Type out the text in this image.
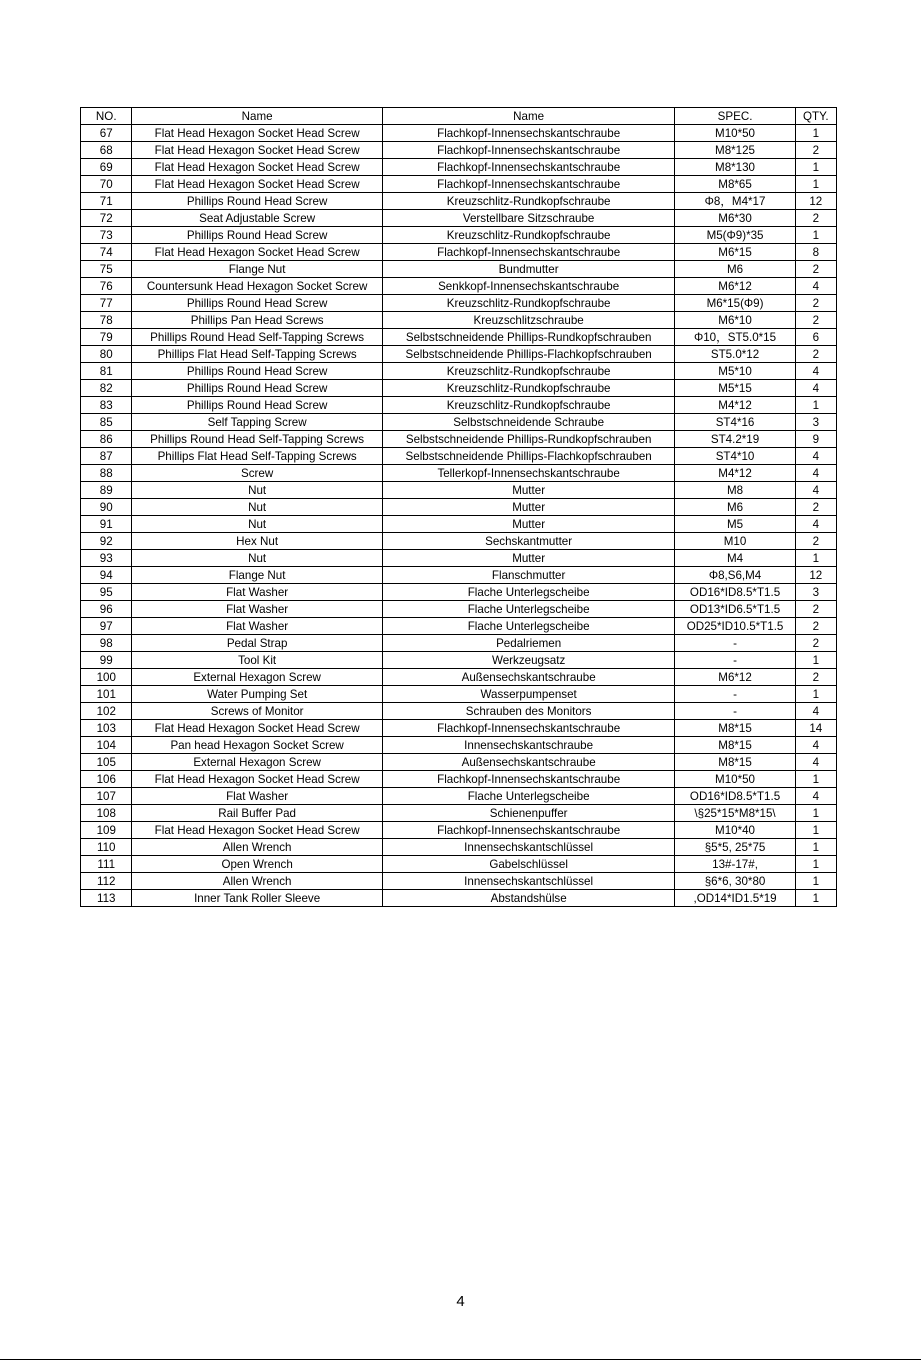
NO.	Name	Name	SPEC.	QTY.
67	Flat Head Hexagon Socket Head Screw	Flachkopf-Innensechskantschraube	M10*50	1
68	Flat Head Hexagon Socket Head Screw	Flachkopf-Innensechskantschraube	M8*125	2
69	Flat Head Hexagon Socket Head Screw	Flachkopf-Innensechskantschraube	M8*130	1
70	Flat Head Hexagon Socket Head Screw	Flachkopf-Innensechskantschraube	M8*65	1
71	Phillips Round Head Screw	Kreuzschlitz-Rundkopfschraube	Φ8，M4*17	12
72	Seat Adjustable Screw	Verstellbare Sitzschraube	M6*30	2
73	Phillips Round Head Screw	Kreuzschlitz-Rundkopfschraube	M5(Φ9)*35	1
74	Flat Head Hexagon Socket Head Screw	Flachkopf-Innensechskantschraube	M6*15	8
75	Flange Nut	Bundmutter	M6	2
76	Countersunk Head Hexagon Socket Screw	Senkkopf-Innensechskantschraube	M6*12	4
77	Phillips Round Head Screw	Kreuzschlitz-Rundkopfschraube	M6*15(Φ9)	2
78	Phillips Pan Head Screws	Kreuzschlitzschraube	M6*10	2
79	Phillips Round Head Self-Tapping Screws	Selbstschneidende Phillips-Rundkopfschrauben	Φ10，ST5.0*15	6
80	Phillips Flat Head Self-Tapping Screws	Selbstschneidende Phillips-Flachkopfschrauben	ST5.0*12	2
81	Phillips Round Head Screw	Kreuzschlitz-Rundkopfschraube	M5*10	4
82	Phillips Round Head Screw	Kreuzschlitz-Rundkopfschraube	M5*15	4
83	Phillips Round Head Screw	Kreuzschlitz-Rundkopfschraube	M4*12	1
85	Self Tapping Screw	Selbstschneidende Schraube	ST4*16	3
86	Phillips Round Head Self-Tapping Screws	Selbstschneidende Phillips-Rundkopfschrauben	ST4.2*19	9
87	Phillips Flat Head Self-Tapping Screws	Selbstschneidende Phillips-Flachkopfschrauben	ST4*10	4
88	Screw	Tellerkopf-Innensechskantschraube	M4*12	4
89	Nut	Mutter	M8	4
90	Nut	Mutter	M6	2
91	Nut	Mutter	M5	4
92	Hex Nut	Sechskantmutter	M10	2
93	Nut	Mutter	M4	1
94	Flange Nut	Flanschmutter	Φ8,S6,M4	12
95	Flat Washer	Flache Unterlegscheibe	OD16*ID8.5*T1.5	3
96	Flat Washer	Flache Unterlegscheibe	OD13*ID6.5*T1.5	2
97	Flat Washer	Flache Unterlegscheibe	OD25*ID10.5*T1.5	2
98	Pedal Strap	Pedalriemen	-	2
99	Tool Kit	Werkzeugsatz	-	1
100	External Hexagon Screw	Außensechskantschraube	M6*12	2
101	Water Pumping Set	Wasserpumpenset	-	1
102	Screws of Monitor	Schrauben des Monitors	-	4
103	Flat Head Hexagon Socket Head Screw	Flachkopf-Innensechskantschraube	M8*15	14
104	Pan head Hexagon Socket Screw	Innensechskantschraube	M8*15	4
105	External Hexagon Screw	Außensechskantschraube	M8*15	4
106	Flat Head Hexagon Socket Head Screw	Flachkopf-Innensechskantschraube	M10*50	1
107	Flat Washer	Flache Unterlegscheibe	OD16*ID8.5*T1.5	4
108	Rail Buffer Pad	Schienenpuffer	\§25*15*M8*15\	1
109	Flat Head Hexagon Socket Head Screw	Flachkopf-Innensechskantschraube	M10*40	1
110	Allen Wrench	Innensechskantschlüssel	§5*5, 25*75	1
111	Open Wrench	Gabelschlüssel	13#-17#,	1
112	Allen Wrench	Innensechskantschlüssel	§6*6, 30*80	1
113	Inner Tank Roller Sleeve	Abstandshülse	,OD14*ID1.5*19	1
4
